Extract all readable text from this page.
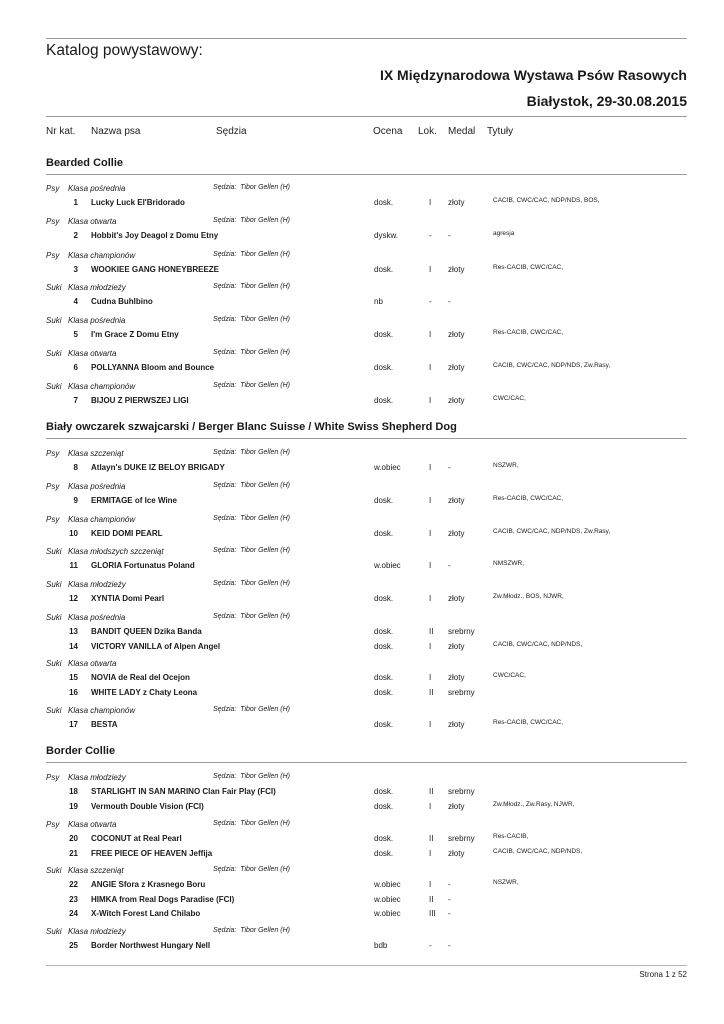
Katalog powystawowy:
IX Międzynarodowa Wystawa Psów Rasowych
Białystok, 29-30.08.2015
Nr kat. Nazwa psa	Sędzia	Ocena Lok. Medal Tytuły
Bearded Collie
Psy Klasa pośrednia	Sędzia: Tibor Gellen (H)
1 Lucky Luck El'Bridorado	dosk.	I złoty	CACIB, CWC/CAC, NDP/NDS, BOS,
Psy Klasa otwarta	Sędzia: Tibor Gellen (H)
2 Hobbit's Joy Deagol z Domu Etny	dyskw.	- -	agresja
Psy Klasa championów	Sędzia: Tibor Gellen (H)
3 WOOKIEE GANG HONEYBREEZE	dosk.	I złoty	Res-CACIB, CWC/CAC,
Suki Klasa młodzieży	Sędzia: Tibor Gellen (H)
4 Cudna Buhlbino	nb	- -
Suki Klasa pośrednia	Sędzia: Tibor Gellen (H)
5 I'm Grace Z Domu Etny	dosk.	I złoty	Res-CACIB, CWC/CAC,
Suki Klasa otwarta	Sędzia: Tibor Gellen (H)
6 POLLYANNA Bloom and Bounce	dosk.	I złoty	CACIB, CWC/CAC, NDP/NDS, Zw.Rasy,
Suki Klasa championów	Sędzia: Tibor Gellen (H)
7 BIJOU Z PIERWSZEJ LIGI	dosk.	I złoty	CWC/CAC,
Biały owczarek szwajcarski / Berger Blanc Suisse / White Swiss Shepherd Dog
Psy Klasa szczeniąt	Sędzia: Tibor Gellen (H)
8 Atlayn's DUKE IZ BELOY BRIGADY	w.obiec	I -	NSZWR,
Psy Klasa pośrednia	Sędzia: Tibor Gellen (H)
9 ERMITAGE of Ice Wine	dosk.	I złoty	Res-CACIB, CWC/CAC,
Psy Klasa championów	Sędzia: Tibor Gellen (H)
10 KEID DOMI PEARL	dosk.	I złoty	CACIB, CWC/CAC, NDP/NDS, Zw.Rasy,
Suki Klasa młodszych szczeniąt	Sędzia: Tibor Gellen (H)
11 GLORIA Fortunatus Poland	w.obiec	I -	NMSZWR,
Suki Klasa młodzieży	Sędzia: Tibor Gellen (H)
12 XYNTIA Domi Pearl	dosk.	I złoty	Zw.Młodz., BOS, NJWR,
Suki Klasa pośrednia	Sędzia: Tibor Gellen (H)
13 BANDIT QUEEN Dzika Banda	dosk.	II srebrny
14 VICTORY VANILLA of Alpen Angel	dosk.	I złoty	CACIB, CWC/CAC, NDP/NDS,
Suki Klasa otwarta
15 NOVIA de Real del Ocejon	dosk.	I złoty	CWC/CAC,
16 WHITE LADY z Chaty Leona	dosk.	II srebrny
Suki Klasa championów	Sędzia: Tibor Gellen (H)
17 BESTA	dosk.	I złoty	Res-CACIB, CWC/CAC,
Border Collie
Psy Klasa młodzieży	Sędzia: Tibor Gellen (H)
18 STARLIGHT IN SAN MARINO Clan Fair Play (FCI)	dosk.	II srebrny
19 Vermouth Double Vision (FCI)	dosk.	I złoty	Zw.Młodz., Zw.Rasy, NJWR,
Psy Klasa otwarta	Sędzia: Tibor Gellen (H)
20 COCONUT at Real Pearl	dosk.	II srebrny	Res-CACIB,
21 FREE PIECE OF HEAVEN Jeffija	dosk.	I złoty	CACIB, CWC/CAC, NDP/NDS,
Suki Klasa szczeniąt	Sędzia: Tibor Gellen (H)
22 ANGIE Sfora z Krasnego Boru	w.obiec	I -	NSZWR,
23 HIMKA from Real Dogs Paradise (FCI)	w.obiec	II -
24 X-Witch Forest Land Chilabo	w.obiec	III -
Suki Klasa młodzieży	Sędzia: Tibor Gellen (H)
25 Border Northwest Hungary Nell	bdb	- -
Strona 1 z 52
